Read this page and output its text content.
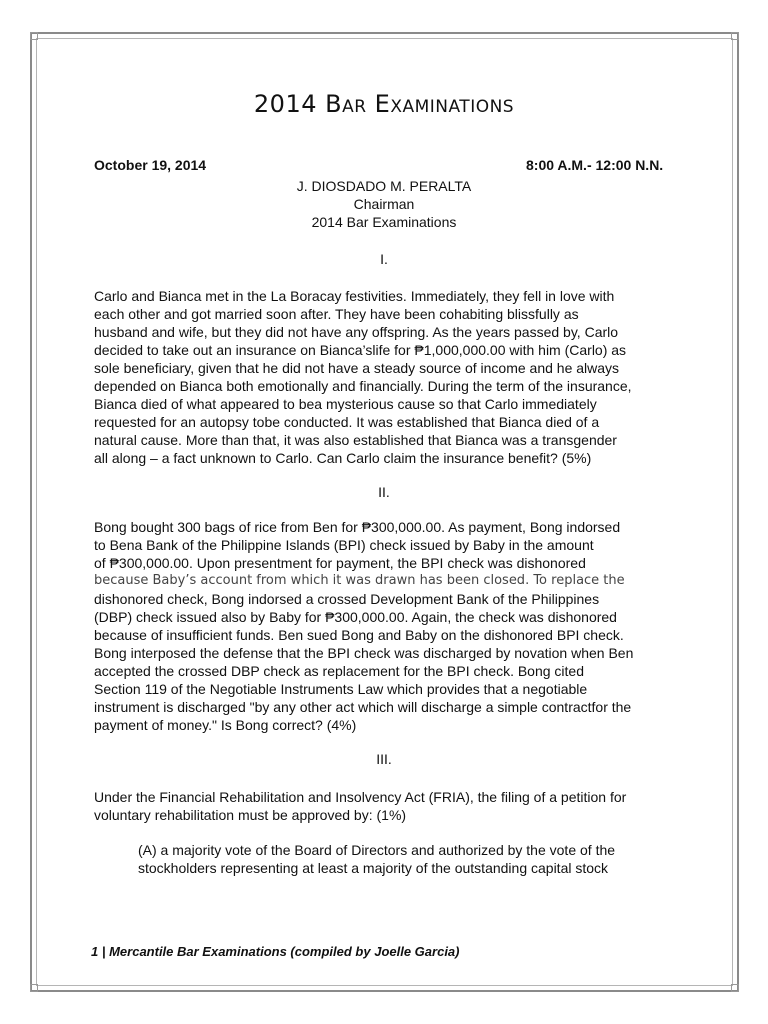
2014 Bar Examinations
October 19, 2014	8:00 A.M.- 12:00 N.N.
J. DIOSDADO M. PERALTA
Chairman
2014 Bar Examinations
I.
Carlo and Bianca met in the La Boracay festivities. Immediately, they fell in love with
each other and got married soon after. They have been cohabiting blissfully as
husband and wife, but they did not have any offspring. As the years passed by, Carlo
decided to take out an insurance on Bianca’slife for ₱1,000,000.00 with him (Carlo) as
sole beneficiary, given that he did not have a steady source of income and he always
depended on Bianca both emotionally and financially. During the term of the insurance,
Bianca died of what appeared to bea mysterious cause so that Carlo immediately
requested for an autopsy tobe conducted. It was established that Bianca died of a
natural cause. More than that, it was also established that Bianca was a transgender
all along – a fact unknown to Carlo. Can Carlo claim the insurance benefit? (5%)
II.
Bong bought 300 bags of rice from Ben for ₱300,000.00. As payment, Bong indorsed
to Bena Bank of the Philippine Islands (BPI) check issued by Baby in the amount
of ₱300,000.00. Upon presentment for payment, the BPI check was dishonored
because Baby’s account from which it was drawn has been closed. To replace the
dishonored check, Bong indorsed a crossed Development Bank of the Philippines
(DBP) check issued also by Baby for ₱300,000.00. Again, the check was dishonored
because of insufficient funds. Ben sued Bong and Baby on the dishonored BPI check.
Bong interposed the defense that the BPI check was discharged by novation when Ben
accepted the crossed DBP check as replacement for the BPI check. Bong cited
Section 119 of the Negotiable Instruments Law which provides that a negotiable
instrument is discharged "by any other act which will discharge a simple contractfor the
payment of money." Is Bong correct? (4%)
III.
Under the Financial Rehabilitation and Insolvency Act (FRIA), the filing of a petition for
voluntary rehabilitation must be approved by: (1%)
(A) a majority vote of the Board of Directors and authorized by the vote of the
stockholders representing at least a majority of the outstanding capital stock
1 | Mercantile Bar Examinations (compiled by Joelle Garcia)
